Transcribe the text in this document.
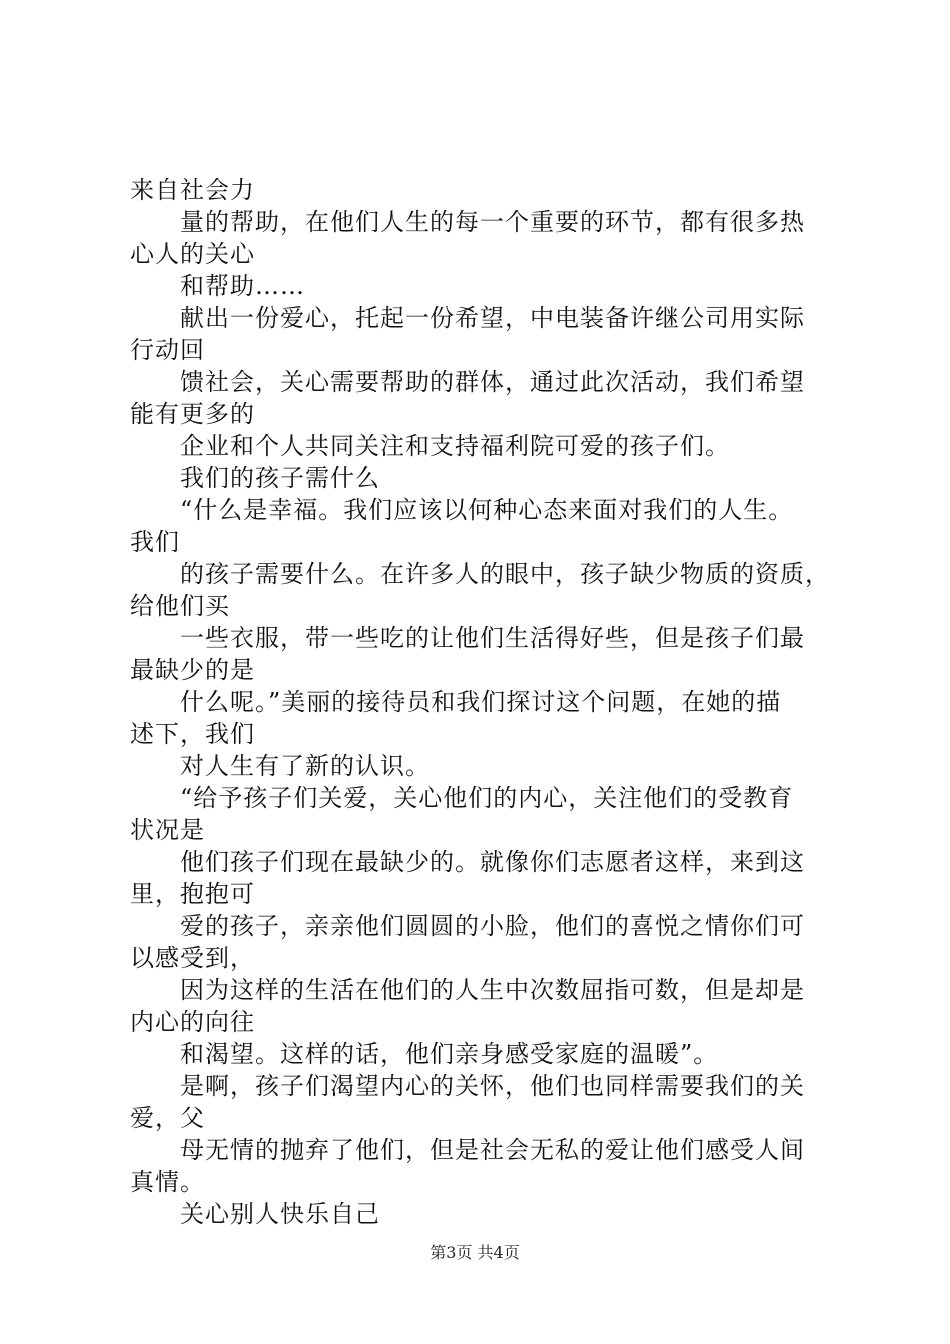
来自社会力
量的帮助，在他们人生的每一个重要的环节，都有很多热
心人的关心
和帮助……
献出一份爱心，托起一份希望，中电装备许继公司用实际
行动回
馈社会，关心需要帮助的群体，通过此次活动，我们希望
能有更多的
企业和个人共同关注和支持福利院可爱的孩子们。
我们的孩子需什么
“什么是幸福。我们应该以何种心态来面对我们的人生。
我们
的孩子需要什么。在许多人的眼中，孩子缺少物质的资质，
给他们买
一些衣服，带一些吃的让他们生活得好些，但是孩子们最
最缺少的是
什么呢。”美丽的接待员和我们探讨这个问题，在她的描
述下，我们
对人生有了新的认识。
“给予孩子们关爱，关心他们的内心，关注他们的受教育
状况是
他们孩子们现在最缺少的。就像你们志愿者这样，来到这
里，抱抱可
爱的孩子，亲亲他们圆圆的小脸，他们的喜悦之情你们可
以感受到，
因为这样的生活在他们的人生中次数屈指可数，但是却是
内心的向往
和渴望。这样的话，他们亲身感受家庭的温暖”。
是啊，孩子们渴望内心的关怀，他们也同样需要我们的关
爱，父
母无情的抛弃了他们，但是社会无私的爱让他们感受人间
真情。
关心别人快乐自己
第3页 共4页
